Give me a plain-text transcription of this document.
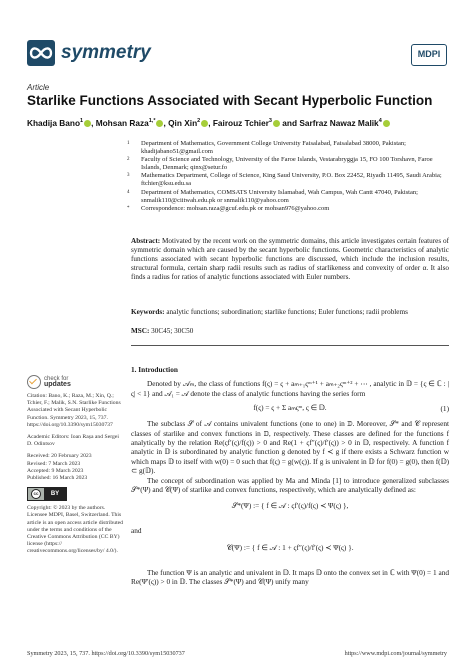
symmetry	MDPI
Article
Starlike Functions Associated with Secant Hyperbolic Function
Khadija Bano$^1$ , Mohsan Raza$^{1,*}$ , Qin Xin$^2$ , Fairouz Tchier$^3$ and Sarfraz Nawaz Malik$^4$
1 Department of Mathematics, Government College University Faisalabad, Faisalabad 38000, Pakistan; khadijabano51@gmail.com
2 Faculty of Science and Technology, University of the Faroe Islands, Vestarabryggja 15, FO 100 Torshavn, Faroe Islands, Denmark; qinx@setur.fo
3 Mathematics Department, College of Science, King Saud University, P.O. Box 22452, Riyadh 11495, Saudi Arabia; ftchier@ksu.edu.sa
4 Department of Mathematics, COMSATS University Islamabad, Wah Campus, Wah Cantt 47040, Pakistan; snmalik110@ciitwah.edu.pk or snmalik110@yahoo.com
* Correspondence: mohsan.raza@gcuf.edu.pk or mohsan976@yahoo.com
Abstract: Motivated by the recent work on the symmetric domains, this article investigates certain features of symmetric domain which are caused by the secant hyperbolic functions. Geometric characteristics of analytic functions associated with secant hyperbolic functions are discussed, which include the inclusion results, structural formula, certain sharp radii results such as radius of starlikeness and convexity of order α. It also finds a radius for ratios of analytic functions associated with Euler numbers.
Keywords: analytic functions; subordination; starlike functions; Euler functions; radii problems
MSC: 30C45; 30C50
check for
updates
Citation: Bano, K.; Raza, M.; Xin, Q.; Tchier, F.; Malik, S.N. Starlike Functions Associated with Secant Hyperbolic Function. Symmetry 2023, 15, 737. https://doi.org/10.3390/sym15030737
Academic Editors: Ioan Rașa and Sergei D. Odintsov
Received: 20 February 2023
Revised: 7 March 2023
Accepted: 9 March 2023
Published: 16 March 2023
cc	BY
Copyright: © 2023 by the authors. Licensee MDPI, Basel, Switzerland. This article is an open access article distributed under the terms and conditions of the Creative Commons Attribution (CC BY) license (https:// creativecommons.org/licenses/by/ 4.0/).
1. Introduction

Denoted by 𝒜ₘ, the class of functions f(ς) = ς + aₘ₊₁ςᵐ⁺¹ + aₘ₊₂ςᵐ⁺² + ⋯ , analytic in 𝔻 = {ς ∈ ℂ : |ς| < 1} and 𝒜₁ = 𝒜 denote the class of analytic functions having the series form

f(ς) = ς + Σ aₘςᵐ, ς ∈ 𝔻.	(1)

The subclass 𝒮 of 𝒜 contains univalent functions (one to one) in 𝔻. Moreover, 𝒮* and 𝒞 represent classes of starlike and convex functions in 𝔻, respectively. These classes are defined for the functions f analytically by the relation Re(ςf′(ς)/f(ς)) > 0 and Re(1 + ςf″(ς)/f′(ς)) > 0 in 𝔻, respectively. A function f analytic in 𝔻 is subordinated by analytic function g denoted by f ≺ g if there exists a Schwarz function w which maps 𝔻 to itself with w(0) = 0 such that f(ς) = g(w(ς)). If g is univalent in 𝔻 for f(0) = g(0), then f(𝔻) ⊂ g(𝔻).

The concept of subordination was applied by Ma and Minda [1] to introduce generalized subclasses 𝒮*(Ψ) and 𝒞(Ψ) of starlike and convex functions, respectively, which are analytically defined as:

𝒮*(Ψ) := { f ∈ 𝒜 : ςf′(ς)/f(ς) ≺ Ψ(ς) },
and
𝒞(Ψ) := { f ∈ 𝒜 : 1 + ςf″(ς)/f′(ς) ≺ Ψ(ς) }.

The function Ψ is an analytic and univalent in 𝔻. It maps 𝔻 onto the convex set in ℂ with Ψ(0) = 1 and Re(Ψ′(ς)) > 0 in 𝔻. The classes 𝒮*(Ψ) and 𝒞(Ψ) unify many

Symmetry 2023, 15, 737. https://doi.org/10.3390/sym15030737	https://www.mdpi.com/journal/symmetry
